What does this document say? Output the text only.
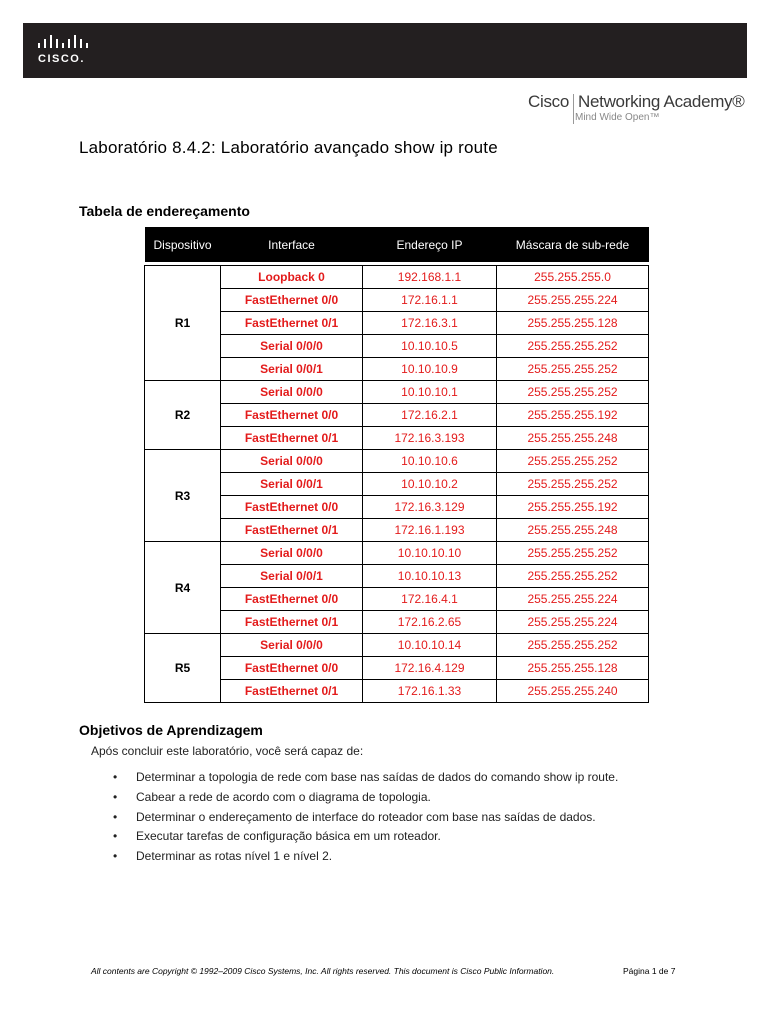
CISCO.
Cisco Networking Academy®
Mind Wide Open™
Laboratório 8.4.2: Laboratório avançado show ip route
Tabela de endereçamento
Dispositivo	Interface	Endereço IP	Máscara de sub-rede

R1	Loopback 0	192.168.1.1	255.255.255.0
	FastEthernet 0/0	172.16.1.1	255.255.255.224
	FastEthernet 0/1	172.16.3.1	255.255.255.128
	Serial 0/0/0	10.10.10.5	255.255.255.252
	Serial 0/0/1	10.10.10.9	255.255.255.252
R2	Serial 0/0/0	10.10.10.1	255.255.255.252
	FastEthernet 0/0	172.16.2.1	255.255.255.192
	FastEthernet 0/1	172.16.3.193	255.255.255.248
R3	Serial 0/0/0	10.10.10.6	255.255.255.252
	Serial 0/0/1	10.10.10.2	255.255.255.252
	FastEthernet 0/0	172.16.3.129	255.255.255.192
	FastEthernet 0/1	172.16.1.193	255.255.255.248
R4	Serial 0/0/0	10.10.10.10	255.255.255.252
	Serial 0/0/1	10.10.10.13	255.255.255.252
	FastEthernet 0/0	172.16.4.1	255.255.255.224
	FastEthernet 0/1	172.16.2.65	255.255.255.224
R5	Serial 0/0/0	10.10.10.14	255.255.255.252
	FastEthernet 0/0	172.16.4.129	255.255.255.128
	FastEthernet 0/1	172.16.1.33	255.255.255.240
Objetivos de Aprendizagem
Após concluir este laboratório, você será capaz de:
• Determinar a topologia de rede com base nas saídas de dados do comando show ip route.
• Cabear a rede de acordo com o diagrama de topologia.
• Determinar o endereçamento de interface do roteador com base nas saídas de dados.
• Executar tarefas de configuração básica em um roteador.
• Determinar as rotas nível 1 e nível 2.
All contents are Copyright © 1992–2009 Cisco Systems, Inc. All rights reserved. This document is Cisco Public Information.	Página 1 de 7
